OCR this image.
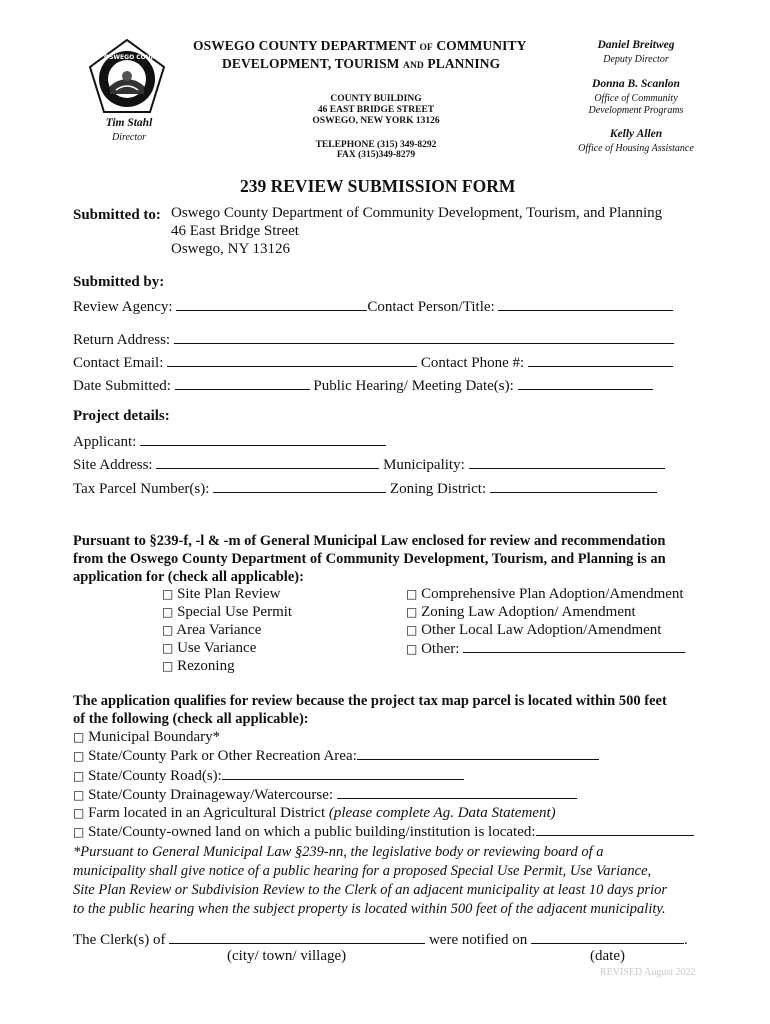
OSWEGO COUNTY
1816
OSWEGO COUNTY DEPARTMENT OF COMMUNITY
DEVELOPMENT, TOURISM AND PLANNING
COUNTY BUILDING
46 EAST BRIDGE STREET
OSWEGO, NEW YORK 13126
TELEPHONE (315) 349-8292
FAX (315)349-8279
Tim Stahl
Director
Daniel Breitweg
Deputy Director
Donna B. Scanlon
Office of Community
Development Programs
Kelly Allen
Office of Housing Assistance
239 REVIEW SUBMISSION FORM
Submitted to: Oswego County Department of Community Development, Tourism, and Planning
46 East Bridge Street
Oswego, NY 13126
Submitted by:
Review Agency:	Contact Person/Title:
Return Address:
Contact Email:	Contact Phone #:
Date Submitted:	Public Hearing/ Meeting Date(s):
Project details:
Applicant:
Site Address:	Municipality:
Tax Parcel Number(s):	Zoning District:
Pursuant to §239-f, -l & -m of General Municipal Law enclosed for review and recommendation
from the Oswego County Department of Community Development, Tourism, and Planning is an
application for (check all applicable):
□ Site Plan Review
□ Special Use Permit
□ Area Variance
□ Use Variance
□ Rezoning
□ Comprehensive Plan Adoption/Amendment
□ Zoning Law Adoption/ Amendment
□ Other Local Law Adoption/Amendment
□ Other:
The application qualifies for review because the project tax map parcel is located within 500 feet
of the following (check all applicable):
□ Municipal Boundary*
□ State/County Park or Other Recreation Area:
□ State/County Road(s):
□ State/County Drainageway/Watercourse:
□ Farm located in an Agricultural District (please complete Ag. Data Statement)
□ State/County-owned land on which a public building/institution is located:
*Pursuant to General Municipal Law §239-nn, the legislative body or reviewing board of a
municipality shall give notice of a public hearing for a proposed Special Use Permit, Use Variance,
Site Plan Review or Subdivision Review to the Clerk of an adjacent municipality at least 10 days prior
to the public hearing when the subject property is located within 500 feet of the adjacent municipality.
The Clerk(s) of	were notified on	.
(city/ town/ village)	(date)
REVISED August 2022
